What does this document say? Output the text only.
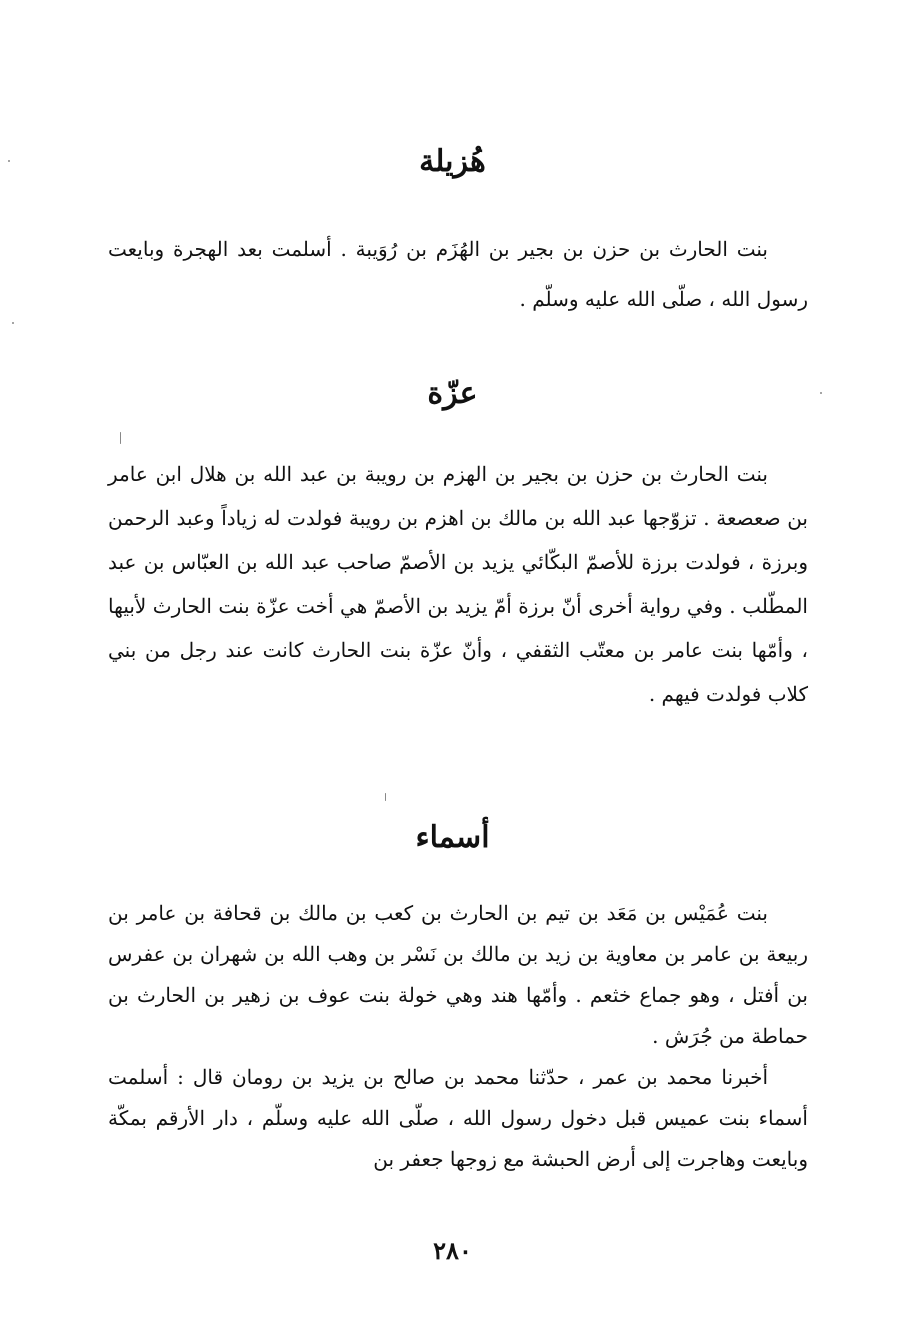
هُزيلة

بنت الحارث بن حزن بن بجير بن الهُزَم بن رُوَيبة . أسلمت بعد الهجرة وبايعت رسول الله ، صلّى الله عليه وسلّم .

عزّة

بنت الحارث بن حزن بن بجير بن الهزم بن رويبة بن عبد الله بن هلال ابن عامر بن صعصعة . تزوّجها عبد الله بن مالك بن اهزم بن رويبة فولدت له زياداً وعبد الرحمن وبرزة ، فولدت برزة للأصمّ البكّائي يزيد بن الأصمّ صاحب عبد الله بن العبّاس بن عبد المطّلب . وفي رواية أخرى أنّ برزة أمّ يزيد بن الأصمّ هي أخت عزّة بنت الحارث لأبيها ، وأمّها بنت عامر بن معتّب الثقفي ، وأنّ عزّة بنت الحارث كانت عند رجل من بني كلاب فولدت فيهم .

أسماء

بنت عُمَيْس بن مَعَد بن تيم بن الحارث بن كعب بن مالك بن قحافة بن عامر بن ربيعة بن عامر بن معاوية بن زيد بن مالك بن نَسْر بن وهب الله بن شهران بن عفرس بن أفتل ، وهو جماع خثعم . وأمّها هند وهي خولة بنت عوف بن زهير بن الحارث بن حماطة من جُرَش .

أخبرنا محمد بن عمر ، حدّثنا محمد بن صالح بن يزيد بن رومان قال : أسلمت أسماء بنت عميس قبل دخول رسول الله ، صلّى الله عليه وسلّم ، دار الأرقم بمكّة وبايعت وهاجرت إلى أرض الحبشة مع زوجها جعفر بن

٢٨٠
